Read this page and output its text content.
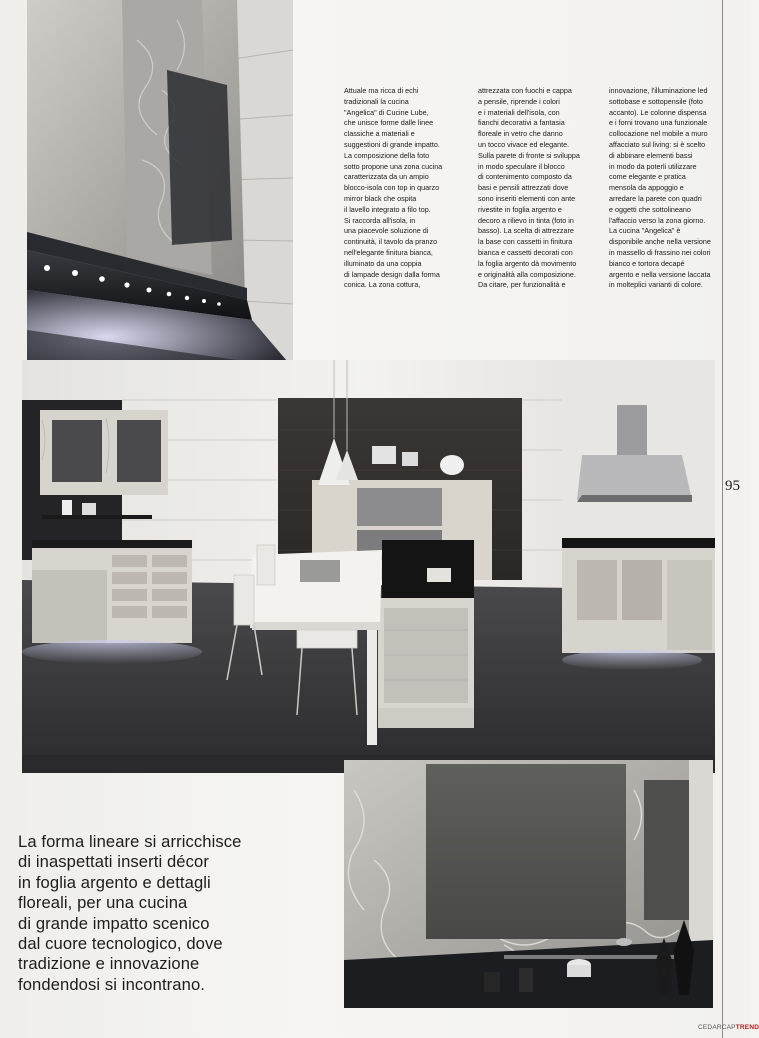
Attuale ma ricca di echi
tradizionali la cucina
"Angelica" di Cucine Lube,
che unisce forme dalle linee
classiche a materiali e
suggestioni di grande impatto.
La composizione della foto
sotto propone una zona cucina
caratterizzata da un ampio
blocco-isola con top in quarzo
mirror black che ospita
il lavello integrato a filo top.
Si raccorda all'isola, in
una piacevole soluzione di
continuità, il tavolo da pranzo
nell'elegante finitura bianca,
illuminato da una coppia
di lampade design dalla forma
conica. La zona cottura,
attrezzata con fuochi e cappa
a pensile, riprende i colori
e i materiali dell'isola, con
fianchi decorativi a fantasia
floreale in vetro che danno
un tocco vivace ed elegante.
Sulla parete di fronte si sviluppa
in modo speculare il blocco
di contenimento composto da
basi e pensili attrezzati dove
sono inseriti elementi con ante
rivestite in foglia argento e
decoro a rilievo in tinta (foto in
basso). La scelta di attrezzare
la base con cassetti in finitura
bianca e cassetti decorati con
la foglia argento dà movimento
e originalità alla composizione.
Da citare, per funzionalità e
innovazione, l'illuminazione led
sottobase e sottopensile (foto
accanto). Le colonne dispensa
e i forni trovano una funzionale
collocazione nel mobile a muro
affacciato sul living: si è scelto
di abbinare elementi bassi
in modo da poterli utilizzare
come elegante e pratica
mensola da appoggio e
arredare la parete con quadri
e oggetti che sottolineano
l'affaccio verso la zona giorno.
La cucina "Angelica" è
disponibile anche nella versione
in massello di frassino nei colori
bianco e tortora decapé
argento e nella versione laccata
in molteplici varianti di colore.
La forma lineare si arricchisce
di inaspettati inserti décor
in foglia argento e dettagli
floreali, per una cucina
di grande impatto scenico
dal cuore tecnologico, dove
tradizione e innovazione
fondendosi si incontrano.
95
CEDARCAPTREND
